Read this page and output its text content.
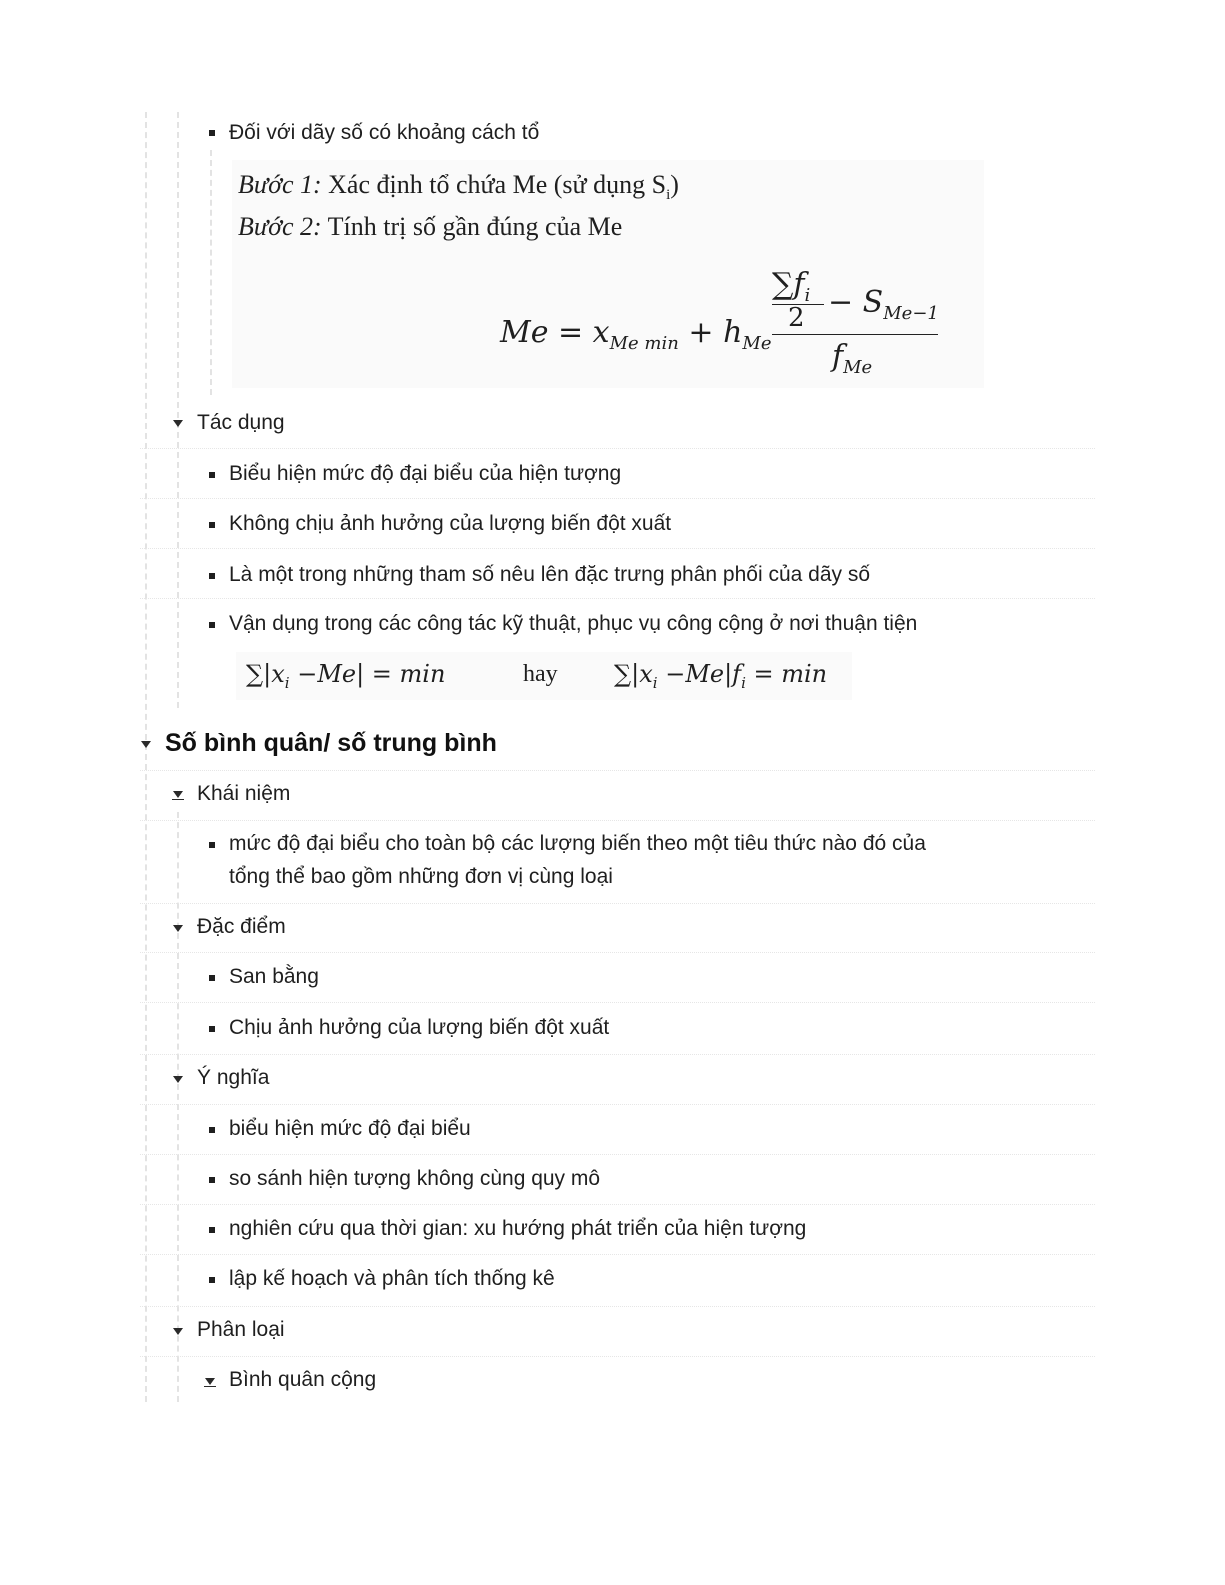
Đối với dãy số có khoảng cách tổ
Bước 1: Xác định tổ chứa Me (sử dụng $S_i$)
Bước 2: Tính trị số gần đúng của Me
$Me = x_{Me min} + h_{Me}$
$\sum f_i$
$2 - S_{Me-1}$
$f_{Me}$
Tác dụng
Biểu hiện mức độ đại biểu của hiện tượng
Không chịu ảnh hưởng của lượng biến đột xuất
Là một trong những tham số nêu lên đặc trưng phân phối của dãy số
Vận dụng trong các công tác kỹ thuật, phục vụ công cộng ở nơi thuận tiện
$\sum|x_i -Me| = \min$	hay $\sum|x_i -Me|f_i = \min$
Số bình quân/ số trung bình
Khái niệm
mức độ đại biểu cho toàn bộ các lượng biến theo một tiêu thức nào đó của
tổng thể bao gồm những đơn vị cùng loại
Đặc điểm
San bằng
Chịu ảnh hưởng của lượng biến đột xuất
Ý nghĩa
biểu hiện mức độ đại biểu
so sánh hiện tượng không cùng quy mô
nghiên cứu qua thời gian: xu hướng phát triển của hiện tượng
lập kế hoạch và phân tích thống kê
Phân loại
Bình quân cộng
